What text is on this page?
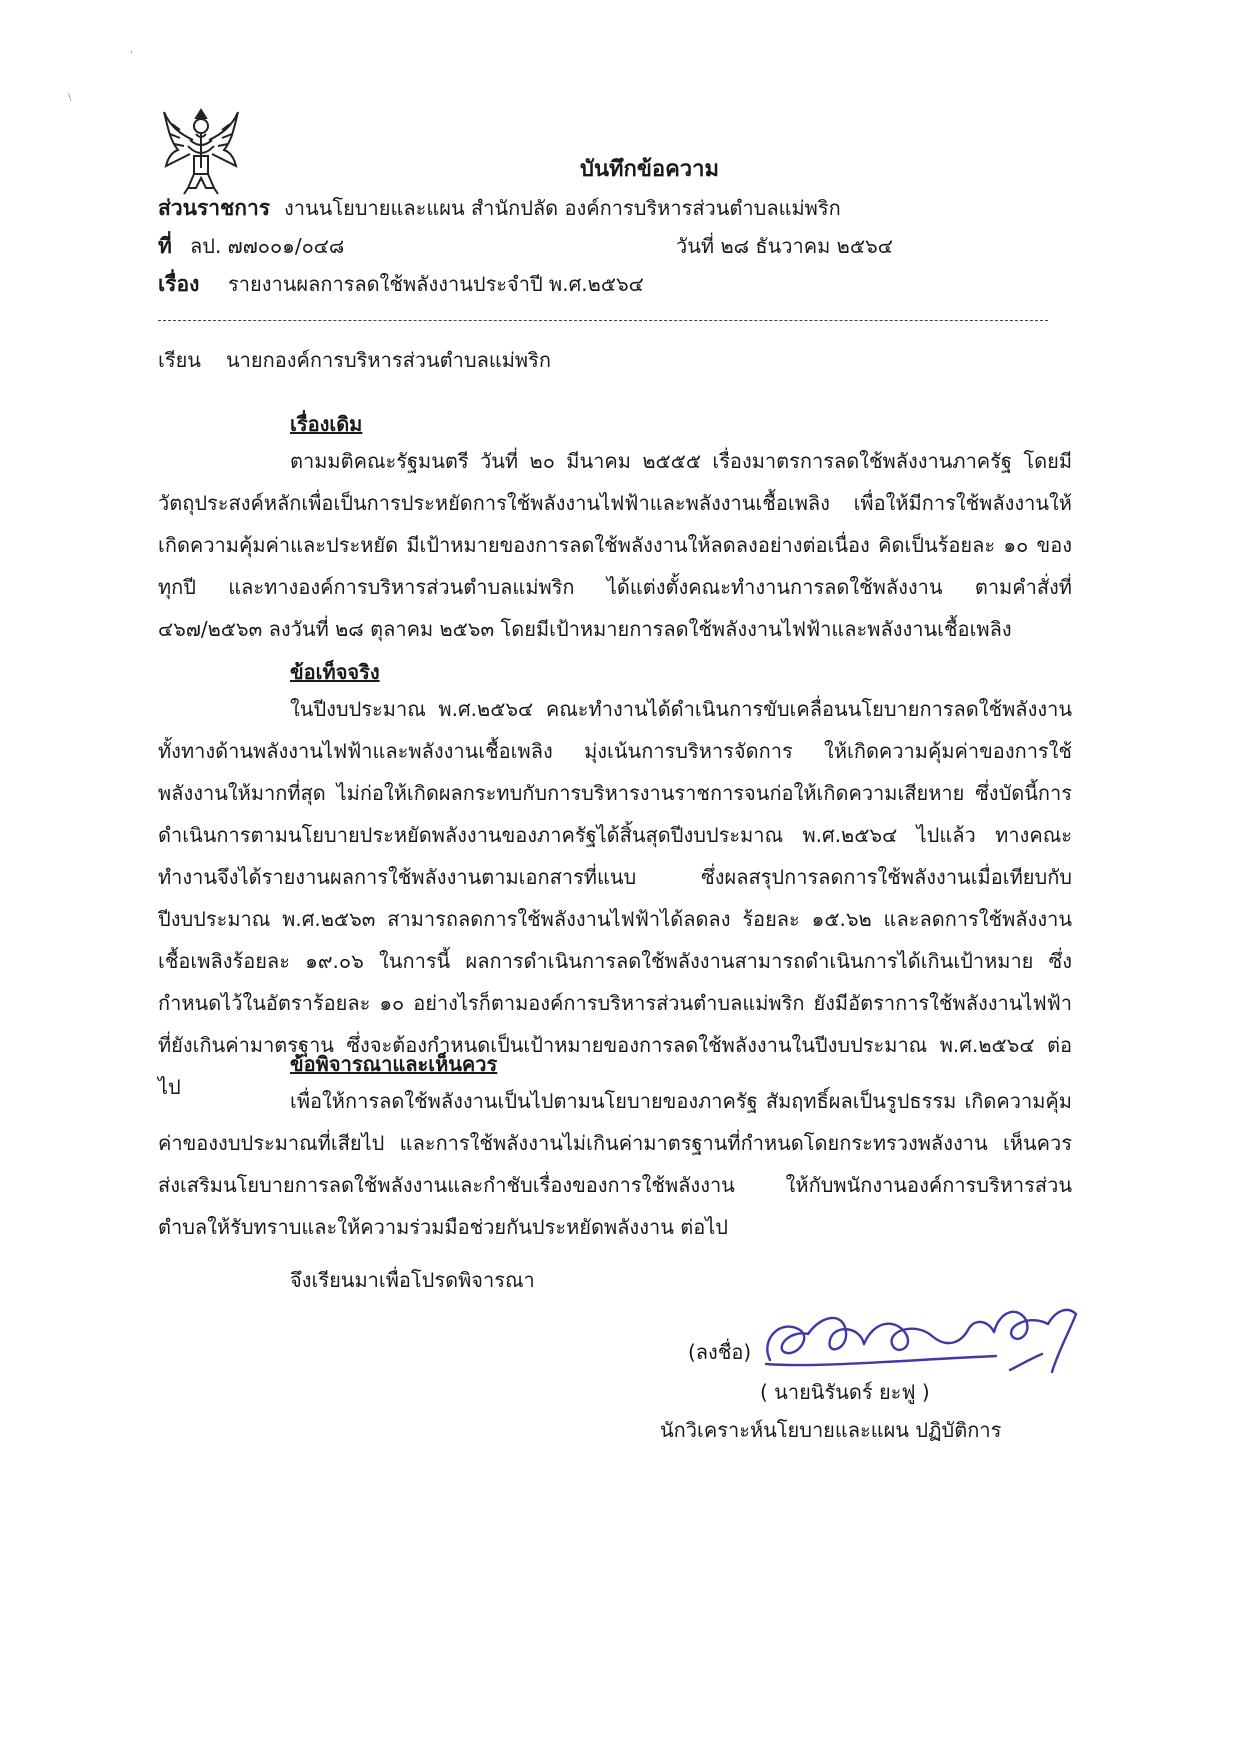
'
\
บันทึกข้อความ
ส่วนราชการ งานนโยบายและแผน สำนักปลัด องค์การบริหารส่วนตำบลแม่พริก
ที่ ลป. ๗๗๐๐๑/๐๔๘	วันที่ ๒๘ ธันวาคม ๒๕๖๔
เรื่อง รายงานผลการลดใช้พลังงานประจำปี พ.ศ.๒๕๖๔
เรียน นายกองค์การบริหารส่วนตำบลแม่พริก
เรื่องเดิม
ตามมติคณะรัฐมนตรี วันที่ ๒๐ มีนาคม ๒๕๕๕ เรื่องมาตรการลดใช้พลังงานภาครัฐ โดยมีวัตถุประสงค์หลักเพื่อเป็นการประหยัดการใช้พลังงานไฟฟ้าและพลังงานเชื้อเพลิง เพื่อให้มีการใช้พลังงานให้เกิดความคุ้มค่าและประหยัด มีเป้าหมายของการลดใช้พลังงานให้ลดลงอย่างต่อเนื่อง คิดเป็นร้อยละ ๑๐ ของทุกปี และทางองค์การบริหารส่วนตำบลแม่พริก ได้แต่งตั้งคณะทำงานการลดใช้พลังงาน ตามคำสั่งที่ ๔๖๗/๒๕๖๓ ลงวันที่ ๒๘ ตุลาคม ๒๕๖๓ โดยมีเป้าหมายการลดใช้พลังงานไฟฟ้าและพลังงานเชื้อเพลิง
ข้อเท็จจริง
ในปีงบประมาณ พ.ศ.๒๕๖๔ คณะทำงานได้ดำเนินการขับเคลื่อนนโยบายการลดใช้พลังงานทั้งทางด้านพลังงานไฟฟ้าและพลังงานเชื้อเพลิง มุ่งเน้นการบริหารจัดการ ให้เกิดความคุ้มค่าของการใช้พลังงานให้มากที่สุด ไม่ก่อให้เกิดผลกระทบกับการบริหารงานราชการจนก่อให้เกิดความเสียหาย ซึ่งบัดนี้การดำเนินการตามนโยบายประหยัดพลังงานของภาครัฐได้สิ้นสุดปีงบประมาณ พ.ศ.๒๕๖๔ ไปแล้ว ทางคณะทำงานจึงได้รายงานผลการใช้พลังงานตามเอกสารที่แนบ ซึ่งผลสรุปการลดการใช้พลังงานเมื่อเทียบกับปีงบประมาณ พ.ศ.๒๕๖๓ สามารถลดการใช้พลังงานไฟฟ้าได้ลดลง ร้อยละ ๑๕.๖๒ และลดการใช้พลังงานเชื้อเพลิงร้อยละ ๑๙.๐๖ ในการนี้ ผลการดำเนินการลดใช้พลังงานสามารถดำเนินการได้เกินเป้าหมาย ซึ่งกำหนดไว้ในอัตราร้อยละ ๑๐ อย่างไรก็ตามองค์การบริหารส่วนตำบลแม่พริก ยังมีอัตราการใช้พลังงานไฟฟ้าที่ยังเกินค่ามาตรฐาน ซึ่งจะต้องกำหนดเป็นเป้าหมายของการลดใช้พลังงานในปีงบประมาณ พ.ศ.๒๕๖๔ ต่อไป
ข้อพิจารณาและเห็นควร
เพื่อให้การลดใช้พลังงานเป็นไปตามนโยบายของภาครัฐ สัมฤทธิ์ผลเป็นรูปธรรม เกิดความคุ้มค่าของงบประมาณที่เสียไป และการใช้พลังงานไม่เกินค่ามาตรฐานที่กำหนดโดยกระทรวงพลังงาน เห็นควรส่งเสริมนโยบายการลดใช้พลังงานและกำชับเรื่องของการใช้พลังงาน ให้กับพนักงานองค์การบริหารส่วนตำบลให้รับทราบและให้ความร่วมมือช่วยกันประหยัดพลังงาน ต่อไป
จึงเรียนมาเพื่อโปรดพิจารณา
(ลงชื่อ)
( นายนิรันดร์ ยะฟู )
นักวิเคราะห์นโยบายและแผน ปฏิบัติการ
